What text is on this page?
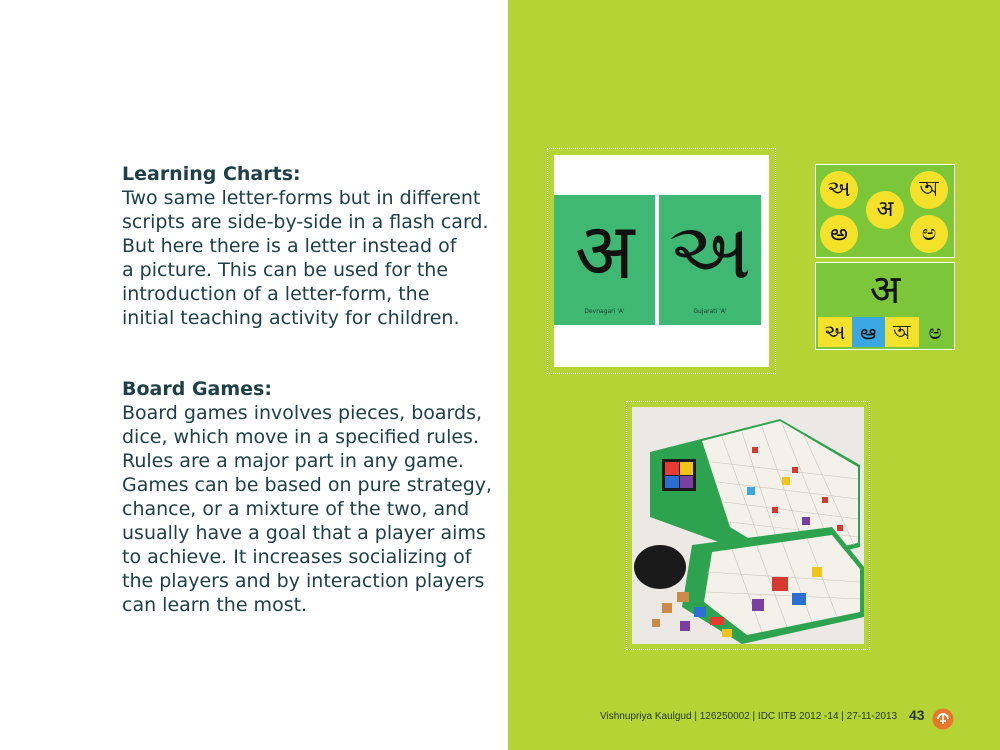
Learning Charts:
Two same letter-forms but in different
scripts are side-by-side in a flash card.
But here there is a letter instead of
a picture. This can be used for the
introduction of a letter-form, the
initial teaching activity for children.
Board Games:
Board games involves pieces, boards,
dice, which move in a specified rules.
Rules are a major part in any game.
Games can be based on pure strategy,
chance, or a mixture of the two, and
usually have a goal that a player aims
to achieve. It increases socializing of
the players and by interaction players
can learn the most.
अ
Devnagari 'A'
અ
Gujarati 'A'
અ	অ
अ
అ	ಅ
अ
અ ఆ অ ಅ
Vishnupriya Kaulgud | 126250002 | IDC IITB 2012 -14 | 27-11-2013 43
